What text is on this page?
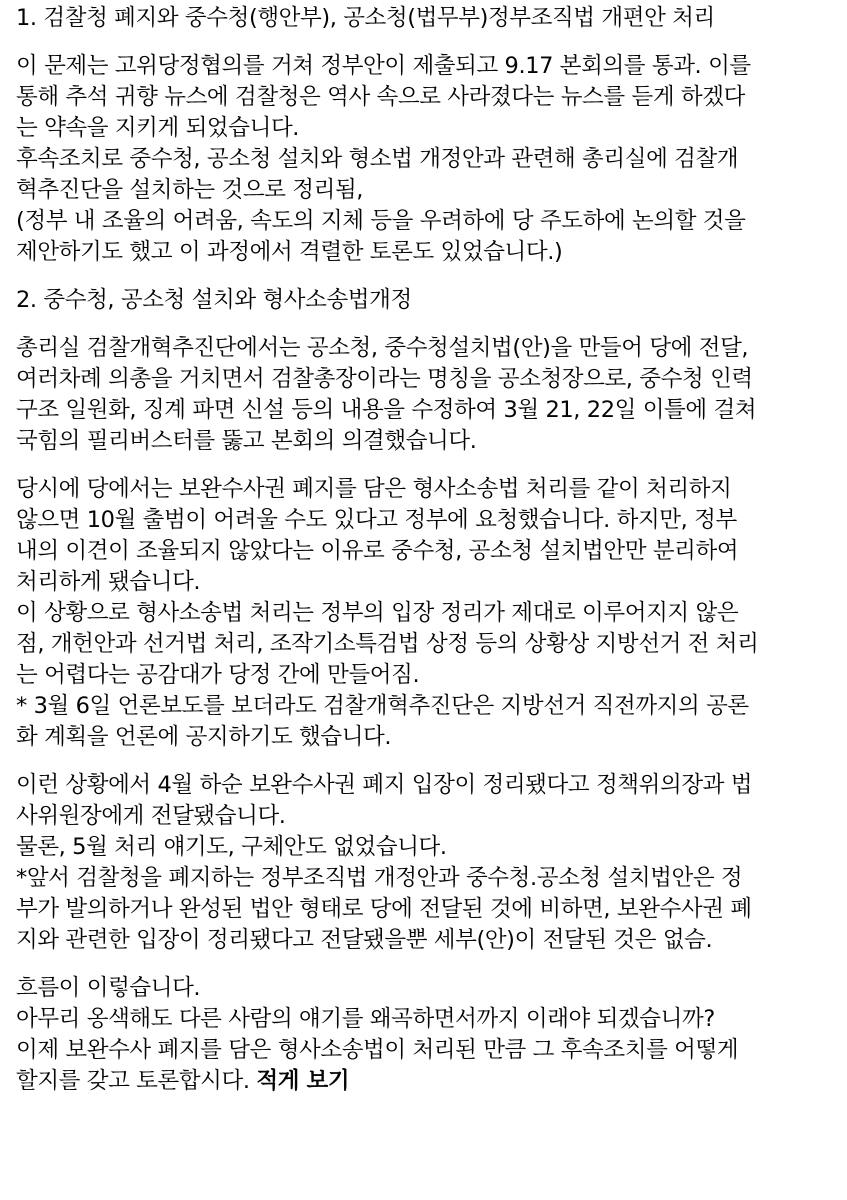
1. 검찰청 폐지와 중수청(행안부), 공소청(법무부)정부조직법 개편안 처리
이 문제는 고위당정협의를 거쳐 정부안이 제출되고 9.17 본회의를 통과. 이를
통해 추석 귀향 뉴스에 검찰청은 역사 속으로 사라졌다는 뉴스를 듣게 하겠다
는 약속을 지키게 되었습니다.
후속조치로 중수청, 공소청 설치와 형소법 개정안과 관련해 총리실에 검찰개
혁추진단을 설치하는 것으로 정리됨,
(정부 내 조율의 어려움, 속도의 지체 등을 우려하에 당 주도하에 논의할 것을
제안하기도 했고 이 과정에서 격렬한 토론도 있었습니다.)
2. 중수청, 공소청 설치와 형사소송법개정
총리실 검찰개혁추진단에서는 공소청, 중수청설치법(안)을 만들어 당에 전달,
여러차례 의총을 거치면서 검찰총장이라는 명칭을 공소청장으로, 중수청 인력
구조 일원화, 징계 파면 신설 등의 내용을 수정하여 3월 21, 22일 이틀에 걸쳐
국힘의 필리버스터를 뚫고 본회의 의결했습니다.
당시에 당에서는 보완수사권 폐지를 담은 형사소송법 처리를 같이 처리하지
않으면 10월 출범이 어려울 수도 있다고 정부에 요청했습니다. 하지만, 정부
내의 이견이 조율되지 않았다는 이유로 중수청, 공소청 설치법안만 분리하여
처리하게 됐습니다.
이 상황으로 형사소송법 처리는 정부의 입장 정리가 제대로 이루어지지 않은
점, 개헌안과 선거법 처리, 조작기소특검법 상정 등의 상황상 지방선거 전 처리
는 어렵다는 공감대가 당정 간에 만들어짐.
* 3월 6일 언론보도를 보더라도 검찰개혁추진단은 지방선거 직전까지의 공론
화 계획을 언론에 공지하기도 했습니다.
이런 상황에서 4월 하순 보완수사권 폐지 입장이 정리됐다고 정책위의장과 법
사위원장에게 전달됐습니다.
물론, 5월 처리 얘기도, 구체안도 없었습니다.
*앞서 검찰청을 폐지하는 정부조직법 개정안과 중수청.공소청 설치법안은 정
부가 발의하거나 완성된 법안 형태로 당에 전달된 것에 비하면, 보완수사권 폐
지와 관련한 입장이 정리됐다고 전달됐을뿐 세부(안)이 전달된 것은 없슴.
흐름이 이렇습니다.
아무리 옹색해도 다른 사람의 얘기를 왜곡하면서까지 이래야 되겠습니까?
이제 보완수사 폐지를 담은 형사소송법이 처리된 만큼 그 후속조치를 어떻게
할지를 갖고 토론합시다. 적게 보기
